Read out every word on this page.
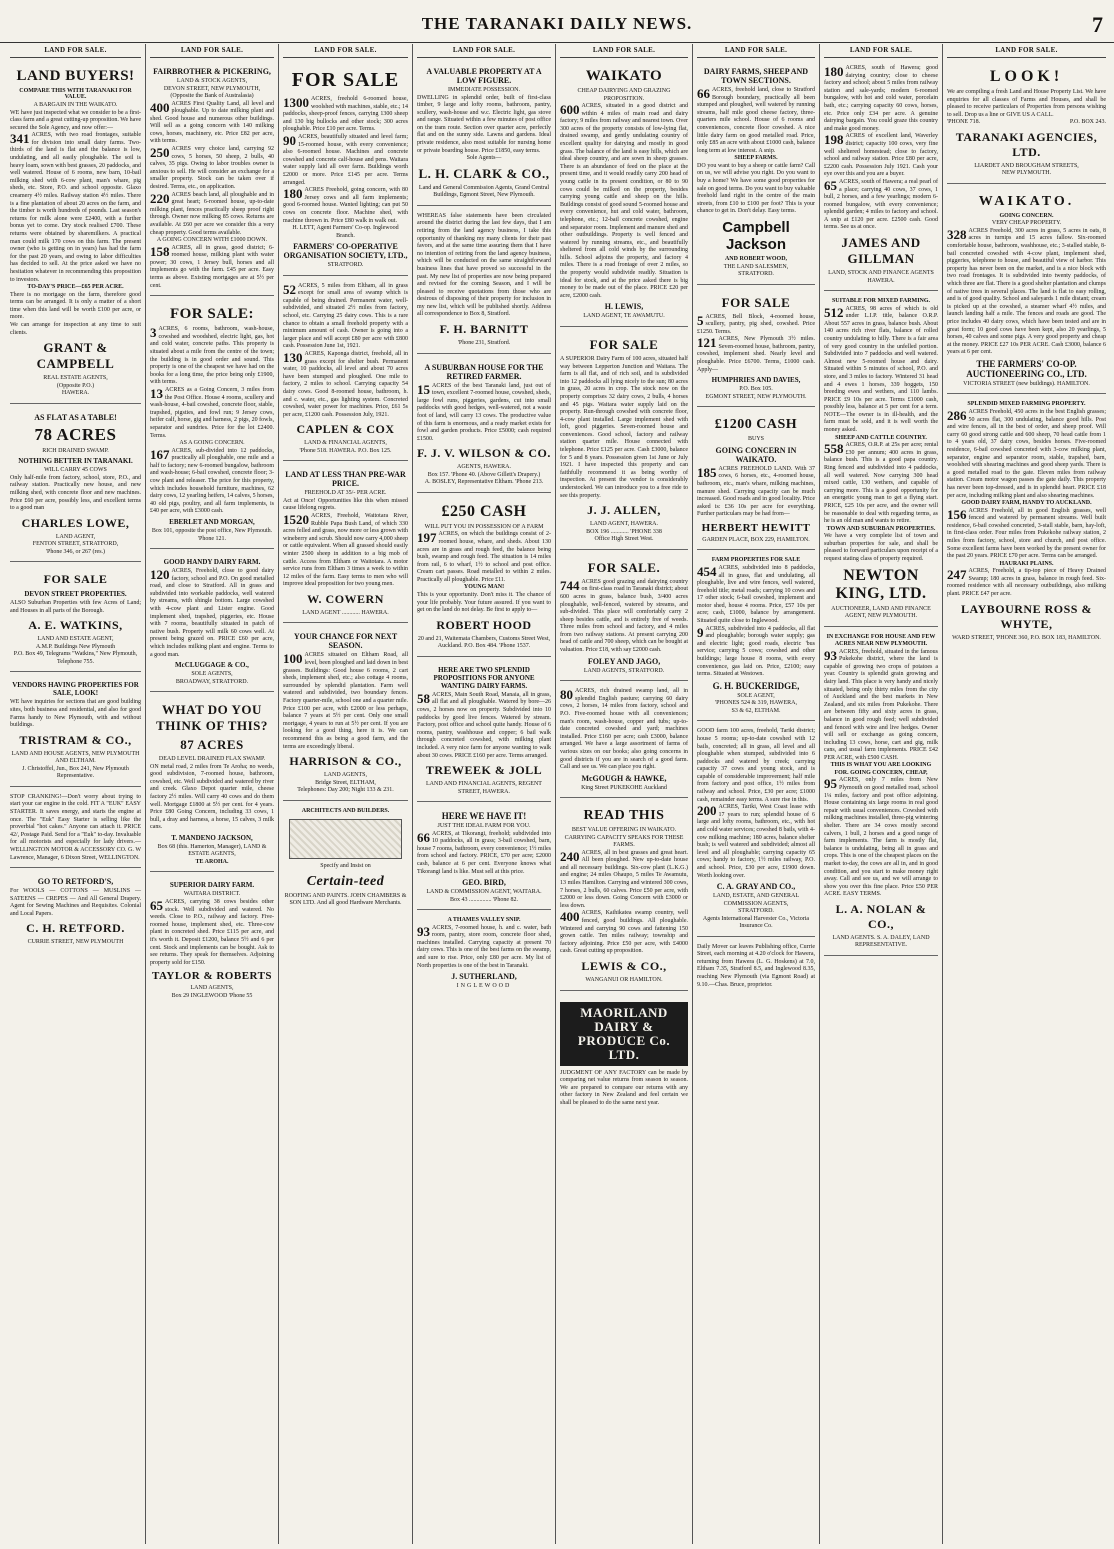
THE TARANAKI DAILY NEWS.	7
LAND FOR SALE.
LAND BUYERS!
COMPARE THIS WITH TARANAKI FOR VALUE.
A BARGAIN IN THE WAIKATO.
WE have just inspected what we consider to be a first-class farm and a great cutting-up proposition. We have secured the Sole Agency, and now offer:—
341 ACRES, with two road frontages, suitable for division into small dairy farms. Two-thirds of the land is flat and the balance is low, undulating, and all easily ploughable. The soil is heavy loam, sown with best grasses, 20 paddocks, and well watered. House of 6 rooms, new barn, 10-bail milking shed with 6-cow plant, man's whare, pig sheds, etc. Store, P.O. and school opposite. Glaxo creamery 4½ miles. Railway station 4½ miles. There is a fine plantation of about 20 acres on the farm, and the timber is worth hundreds of pounds. Last season's returns for milk alone were £2400, with a further bonus yet to come. Dry stock realised £700. These returns were obtained by sharemilkers. A practical man could milk 170 cows on this farm. The present owner (who is getting on in years) has had the farm for the past 20 years, and owing to labor difficulties has decided to sell. At the price asked we have no hesitation whatever in recommending this proposition to investors.
TO-DAY'S PRICE—£65 PER ACRE.
There is no mortgage on the farm, therefore good terms can be arranged. It is only a matter of a short time when this land will be worth £100 per acre, or more.
We can arrange for inspection at any time to suit clients.
GRANT & CAMPBELL
REAL ESTATE AGENTS,
(Opposite P.O.)
HAWERA.
AS FLAT AS A TABLE!
78 ACRES
RICH DRAINED SWAMP.
NOTHING BETTER IN TARANAKI.
WILL CARRY 45 COWS
Only half-mile from factory, school, store, P.O., and railway station. Practically new house, and new milking shed, with concrete floor and new machines. Price £60 per acre, possibly less, and excellent terms to a good man
CHARLES LOWE,
LAND AGENT,
FENTON STREET, STRATFORD,
'Phone 346, or 267 (res.)
FOR SALE
DEVON STREET PROPERTIES.
ALSO Suburban Properties with few Acres of Land; and Houses in all parts of the Borough.
A. E. WATKINS,
LAND AND ESTATE AGENT,
A.M.P. Buildings New Plymouth
P.O. Box 49, Telegrams "Watkins," New Plymouth, Telephone 755.
VENDORS HAVING PROPERTIES FOR SALE, LOOK!
WE have inquiries for sections that are good building sites, both business and residential, and also for good Farms handy to New Plymouth, with and without buildings.
TRISTRAM & CO.,
LAND AND HOUSE AGENTS, NEW PLYMOUTH AND ELTHAM.
J. Christoffel, Jun., Box 241, New Plymouth Representative.
STOP CRANKING!—Don't worry about trying to start your car engine in the cold. FIT A "EUK" EASY STARTER. It saves energy, and starts the engine at once. The "Euk" Easy Starter is selling like the proverbial "hot cakes." Anyone can attach it. PRICE 42/, Postage Paid. Send for a "Euk" to-day. Invaluable for all motorists and especially for lady drivers.—WELLINGTON MOTOR & ACCESSORY CO. G. W Lawrence, Manager, 6 Dixon Street, WELLINGTON.
GO TO RETFORD'S,
For WOOLS — COTTONS — MUSLINS — SATEENS — CREPES — And All General Drapery. Agent for Sewing Machines and Requisites. Colonial and Local Papers.
C. H. RETFORD.
CURRIE STREET, NEW PLYMOUTH
LAND FOR SALE.
FAIRBROTHER & PICKERING,
LAND & STOCK AGENTS,
DEVON STREET, NEW PLYMOUTH,
(Opposite the Bank of Australasia)
400 ACRES First Quality Land, all level and ploughable. Up to date milking plant and shed. Good house and numerous other buildings. Will sell as a going concern with 140 milking cows, horses, machinery, etc. Price £82 per acre, with terms.
250 ACRES very choice land, carrying 92 cows, 5 horses, 50 sheep, 2 bulls, 40 calves, 35 pigs. Owing to labor troubles owner is anxious to sell. He will consider an exchange for a smaller property. Stock can be taken over if desired. Terms, etc., on application.
220 ACRES beach land, all ploughable and in great heart; 6-roomed house, up-to-date milking plant, fences practically sheep proof right through. Owner now milking 85 cows. Returns are available. At £60 per acre we consider this a very cheap property. Good terms available.
A GOING CONCERN WITH £1000 DOWN.
158 ACRES, all in grass, good district; 6-roomed house, milking plant with water power; 30 cows, 1 Jersey bull, horses and all implements go with the farm. £45 per acre. Easy terms as above. Existing mortgages are at 5½ per cent.
FOR SALE:
3 ACRES, 6 rooms, bathroom, wash-house, cowshed and woodshed, electric light, gas, hot and cold water, concrete paths. This property is situated about a mile from the centre of the town; the building is in good order and sound. This property is one of the cheapest we have had on the books for a long time, the price being only £1900, with terms.
13 ACRES as a Going Concern, 3 miles from the Post Office. House 4 rooms, scullery and wash-house, 4-bail cowshed, concrete floor, stable, trapshed, pigsties, and fowl run; 9 Jersey cows, heifer calf, horse, gig and harness, 2 pigs, 20 fowls, separator and sundries. Price for the lot £2400. Terms.
AS A GOING CONCERN.
167 ACRES, sub-divided into 12 paddocks, practically all ploughable, one mile and a half to factory; new 6-roomed bungalow, bathroom and wash-house; 6-bail cowshed, concrete floor; 3-cow plant and releaser. The price for this property, which includes household furniture, machines, 62 dairy cows, 12 yearling heifers, 14 calves, 5 horses, 40 old pigs, poultry, and all farm implements, is £40 per acre, with £3000 cash.
EBERLET AND MORGAN,
Box 101, opposite the post office, New Plymouth. 'Phone 121.
GOOD HANDY DAIRY FARM.
120 ACRES, Freehold, close to good dairy factory, school and P.O. On good metalled road, and close to Stratford. All in grass and subdivided into workable paddocks, well watered by streams, with shingle bottom. Large cowshed with 4-cow plant and Lister engine. Good implement shed, trapshed, piggeries, etc. House with 7 rooms, beautifully situated in patch of native bush. Property will milk 60 cows well. At present being grazed on. PRICE £60 per acre, which includes milking plant and engine. Terms to a good man.
McCLUGGAGE & CO.,
SOLE AGENTS,
BROADWAY, STRATFORD.
WHAT DO YOU THINK OF THIS?
87 ACRES
DEAD LEVEL DRAINED FLAX SWAMP.
ON metal road, 2 miles from Te Aroha; no weeds, good subdivision, 7-roomed house, bathroom, cowshed, etc. Well subdivided and watered by river and creek. Glaxo Depot quarter mile, cheese factory 2½ miles. Will carry 40 cows and do them well. Mortgage £1800 at 5½ per cent. for 4 years. Price £80 Going Concern, including 33 cows, 1 bull, a dray and harness, a horse, 15 calves, 3 milk cans.
T. MANDENO JACKSON,
Box 68 (this. Hamerton, Manager), LAND & ESTATE AGENTS,
TE AROHA.
SUPERIOR DAIRY FARM.
WAITARA DISTRICT.
65 ACRES, carrying 38 cows besides other stock. Well subdivided and watered. No weeds. Close to P.O., railway and factory. Five-roomed house, implement shed, etc. Three-cow plant in concreted shed. Price £115 per acre, and it's worth it. Deposit £1200, balance 5½ and 6 per cent. Stock and implements can be bought. Ask to see returns. They speak for themselves. Adjoining property sold for £150.
TAYLOR & ROBERTS
LAND AGENTS,
Box 29 INGLEWOOD 'Phone 55
LAND FOR SALE.
FOR SALE
1300 ACRES, freehold 6-roomed house, woolshed with machines, stable, etc.; 14 paddocks, sheep-proof fences, carrying 1300 sheep and 130 big bullocks and other stock; 300 acres ploughable. Price £10 per acre. Terms.
90 ACRES, beautifully situated and level farm; 15-roomed house, with every convenience; also 6-roomed house. Machines and concrete cowshed and concrete calf-house and pens. Waitara water supply laid all over farm. Buildings worth £2000 or more. Price £145 per acre. Terms arranged.
180 ACRES Freehold, going concern, with 80 Jersey cows and all farm implements; good 6-roomed house. Wanted lighting; can put 50 cows on concrete floor. Machine shed, with machine thrown in. Price £80 walk in walk out.
H. LETT, Agent Farmers' Co-op. Inglewood Branch.
FARMERS' CO-OPERATIVE ORGANISATION SOCIETY, LTD.,
STRATFORD.
52 ACRES, 5 miles from Eltham, all in grass except for small area of swamp which is capable of being drained. Permanent water, well-subdivided, and situated 2½ miles from factory, school, etc. Carrying 25 dairy cows. This is a rare chance to obtain a small freehold property with a minimum amount of cash. Owner is going into a larger place and will accept £80 per acre with £800 cash. Possession June 1st, 1921.
130 ACRES, Kaponga district, freehold, all in grass except for shelter bush. Permanent water, 10 paddocks, all level and about 70 acres have been stumped and ploughed. One mile to factory, 2 miles to school. Carrying capacity 54 dairy cows. Good 8-roomed house, bathroom, h. and c. water, etc., gas lighting system. Concreted cowshed, water power for machines. Price, £61 5s per acre, £1200 cash. Possession July, 1921.
CAPLEN & COX
LAND & FINANCIAL AGENTS,
'Phone 518. HAWERA. P.O. Box 125.
LAND AT LESS THAN PRE-WAR PRICE.
FREEHOLD AT 35/- PER ACRE.
Act at Once! Opportunities like this when missed cause lifelong regrets.
1520 ACRES, Freehold, Waitotara River, Rubble Papa Bush Land, of which 330 acres felled and grass, now more or less grown with wineberry and scrub. Should now carry 4,000 sheep or cattle equivalent. When all grassed should easily winter 2500 sheep in addition to a big mob of cattle. Access from Eltham or Waitotara. A motor service runs from Eltham 3 times a week to within 12 miles of the farm. Easy terms to men who will improve ideal proposition for two young men.
W. COWERN
LAND AGENT ............ HAWERA.
YOUR CHANCE FOR NEXT SEASON.
100 ACRES situated on Eltham Road, all level, been ploughed and laid down in best grasses. Buildings: Good house 6 rooms, 2 cart sheds, implement shed, etc.; also cottage 4 rooms, surrounded by splendid plantation. Farm well watered and subdivided, two boundary fences. Factory quarter-mile, school one and a quarter mile. Price £100 per acre, with £2000 or less perhaps, balance 7 years at 5½ per cent. Only one small mortgage, 4 years to run at 5½ per cent. If you are looking for a good thing, here it is. We can recommend this as being a good farm, and the terms are exceedingly liberal.
HARRISON & CO.,
LAND AGENTS,
Bridge Street, ELTHAM,
Telephones: Day 200; Night 133 & 231.
ARCHITECTS AND BUILDERS.
Specify and Insist on
Certain-teed
ROOFING AND PAINTS. JOHN CHAMBERS & SON LTD. And all good Hardware Merchants.
LAND FOR SALE.
A VALUABLE PROPERTY AT A LOW FIGURE.
IMMEDIATE POSSESSION.
DWELLING in splendid order, built of first-class timber, 9 large and lofty rooms, bathroom, pantry, scullery, wash-house and w.c. Electric light, gas stove and range. Situated within a few minutes of post office on the tram route. Section over quarter acre, perfectly flat and on the sunny side. Lawns and gardens. Ideal private residence, also most suitable for nursing home or private boarding house. Price £1850, easy terms.
Sole Agents—
L. H. CLARK & CO.,
Land and General Commission Agents, Grand Central Buildings, Egmont Street, New Plymouth.
WHEREAS false statements have been circulated around the district during the last few days, that I am retiring from the land agency business, I take this opportunity of thanking my many clients for their past favors, and at the same time assuring them that I have no intention of retiring from the land agency business, which will be conducted on the same straightforward business lines that have proved so successful in the past. My new list of properties are now being prepared and revised for the coming Season, and I will be pleased to receive quotations from those who are desirous of disposing of their property for inclusion in my new list, which will be published shortly. Address all correspondence to Box 8, Stratford.
F. H. BARNITT
'Phone 231, Stratford.
A SUBURBAN HOUSE FOR THE RETIRED FARMER.
15 ACRES of the best Taranaki land, just out of town, excellent 7-roomed house, cowshed, sheds, large fowl runs, piggeries, gardens, cut into small paddocks with good hedges, well-watered, not a waste foot of land, will carry 13 cows. The productive value of this farm is enormous, and a ready market exists for fowl and garden products. Price £5000; cash required £1500.
F. J. V. WILSON & CO.
AGENTS, HAWERA.
Box 157. 'Phone 40. (Above Gillett's Drapery.)
A. BOSLEY, Representative Eltham. 'Phone 213.
£250 CASH
WILL PUT YOU IN POSSESSION OF A FARM
197 ACRES, on which the buildings consist of 2-roomed house, whare, and sheds. About 130 acres are in grass and rough feed, the balance being bush, swamp and rough feed. The situation is 14 miles from rail, 6 to wharf, 1½ to school and post office. Cream cart passes. Road metalled to within 2 miles. Practically all ploughable. Price £11.
YOUNG MAN!
This is your opportunity. Don't miss it. The chance of your life probably. Your future assured. If you want to get on the land do not delay. Be first to apply to—
ROBERT HOOD
20 and 21, Waitemata Chambers, Customs Street West, Auckland. P.O. Box 484. 'Phone 1537.
HERE ARE TWO SPLENDID PROPOSITIONS FOR ANYONE WANTING DAIRY FARMS.
58 ACRES, Main South Road, Manaia, all in grass, all flat and all ploughable. Watered by bore—26 cows, 2 horses now on property. Subdivided into 10 paddocks by good live fences. Watered by stream. Factory, post office and school quite handy. House of 6 rooms, pantry, washhouse and copper; 6 bail walk through concreted cowshed, with milking plant included. A very nice farm for anyone wanting to walk about 30 cows. PRICE £160 per acre. Terms arranged.
TREWEEK & JOLL
LAND AND FINANCIAL AGENTS, REGENT STREET, HAWERA.
HERE WE HAVE IT!
JUST THE IDEAL FARM FOR YOU.
66 ACRES, at Tikorangi, freehold; subdivided into 10 paddocks, all in grass; 3-bail cowshed, barn, house 7 rooms, bathroom, every convenience; 1½ miles from school and factory. PRICE, £70 per acre; £2000 cash, balance at 6 per cent. Everyone knows what Tikorangi land is like. Must sell at this price.
GEO. BIRD,
LAND & COMMISSION AGENT, WAITARA.
Box 43 ............... 'Phone 82.
A THAMES VALLEY SNIP.
93 ACRES, 7-roomed house, h. and c. water, bath room, pantry, store room, concrete floor shed, machines installed. Carrying capacity at present 70 dairy cows. This is one of the best farms on the swamp, and sure to rise. Price, only £80 per acre. My list of North properties is one of the best in Taranaki.
J. SUTHERLAND,
INGLEWOOD
LAND FOR SALE.
WAIKATO
CHEAP DAIRYING AND GRAZING PROPOSITION.
600 ACRES, situated in a good district and within 4 miles of main road and dairy factory; 9 miles from railway and nearest town. Over 300 acres of the property consists of low-lying flat, drained swamp, and gently undulating country of excellent quality for dairying and mostly in good grass. The balance of the land is easy hills, which are ideal sheep country, and are sown in sheep grasses. There is an abundance of feed on the place at the present time, and it would readily carry 200 head of young cattle in its present condition, or 80 to 90 cows could be milked on the property, besides carrying young cattle and sheep on the hills. Buildings consist of good sound 5-roomed house and every convenience, hut and cold water, bathroom, telephone, etc.; 12-bail concrete cowshed, engine and separator room. Implement and manure shed and other outbuildings. Property is well fenced and watered by running streams, etc., and beautifully sheltered from all cold winds by the surrounding hills. School adjoins the property, and factory 4 miles. There is a road frontage of over 2 miles, so the property would subdivide readily. Situation is ideal for stock, and at the price asked there is big money to be made out of the place. PRICE £20 per acre, £2000 cash.
H. LEWIS,
LAND AGENT, TE AWAMUTU.
FOR SALE
A SUPERIOR Dairy Farm of 100 acres, situated half way between Lepperton Junction and Waitara. The farm is all flat, and of rich soil, and is subdivided into 12 paddocks all lying nicely to the sun; 80 acres in grass, 20 acres in crop. The stock now on the property comprises 32 dairy cows, 2 bulls, 4 horses and 45 pigs. Waitara water supply laid on the property. Run-through cowshed with concrete floor, 4-cow plant installed. Large implement shed with loft, good piggeries. Seven-roomed house and conveniences. Good school, factory and railway station quarter mile. House connected with telephone. Price £125 per acre. Cash £3000, balance for 5 and 8 years. Possession given 1st June or July 1921. I have inspected this property and can faithfully recommend it as being worthy of inspection. At present the vendor is considerably understocked. We can introduce you to a free ride to see this property.
J. J. ALLEN,
LAND AGENT, HAWERA.
BOX 196 ............ 'PHONE 338
Office High Street West.
FOR SALE.
744 ACRES good grazing and dairying country on first-class road in Taranaki district; about 600 acres in grass, balance bush, 3/400 acres ploughable, well-fenced, watered by streams, and sub-divided. This place will comfortably carry 2 sheep besides cattle, and is entirely free of weeds. Three miles from school and factory, and 4 miles from two railway stations. At present carrying 200 head of cattle and 700 sheep, which can be bought at valuation. Price £18, with say £2000 cash.
FOLEY AND JAGO,
LAND AGENTS, STRATFORD.
80 ACRES, rich drained swamp land, all in splendid English pasture; carrying 60 dairy cows, 2 horses, 14 miles from factory, school and P.O. Five-roomed house with all conveniences; man's room, wash-house, copper and tubs; up-to-date concreted cowshed and yard; machines installed. Price £160 per acre; cash £3000, balance arranged. We have a large assortment of farms of various sizes on our books; also going concerns in good districts if you are in search of a good farm. Call and see us. We can place you right.
McGOUGH & HAWKE,
King Street PUKEKOHE Auckland
READ THIS
BEST VALUE OFFERING IN WAIKATO.
CARRYING CAPACITY SPEAKS FOR THESE FARMS.
240 ACRES, all in best grasses and great heart. All been ploughed. New up-to-date house and all necessary buildings. Six-cow plant (L.K.G.) and engine; 24 miles Ohaupo, 5 miles Te Awamutu, 13 miles Hamilton. Carrying and wintered 300 cows, 7 horses, 2 bulls, 60 calves. Price £50 per acre, with £2000 or less down. Going Concern with £3000 or less down.
400 ACRES, Kaihikatea swamp country, well fenced, good buildings. All ploughable. Wintered and carrying 90 cows and fattening 150 grown cattle. Ten miles railway; township and factory adjoining. Price £50 per acre, with £4000 cash. Great cutting up proposition.
LEWIS & CO.,
WANGANUI OR HAMILTON.
MAORILAND DAIRY & PRODUCE Co. LTD.
JUDGMENT OF ANY FACTORY can be made by comparing net value returns from season to season. We are prepared to compare our returns with any other factory in New Zealand and feel certain we shall be pleased to do the same next year.
LAND FOR SALE.
DAIRY FARMS, SHEEP AND TOWN SECTIONS.
66 ACRES, freehold land, close to Stratford Borough boundary, practically all been stumped and ploughed, well watered by running streams, half mile good cheese factory, three-quarters mile school. House of 6 rooms and conveniences, concrete floor cowshed. A nice little dairy farm on good metalled road. Price, only £85 an acre with about £1000 cash, balance long term at low interest. A snip.
SHEEP FARMS.
DO you want to buy a sheep or cattle farm? Call on us, we will advise you right. Do you want to buy a home? We have some good properties for sale on good terms. Do you want to buy valuable freehold land right in the centre of the main streets, from £10 to £100 per foot? This is your chance to get in. Don't delay. Easy terms.
Campbell Jackson
AND ROBERT WOOD,
THE LAND SALESMEN,
STRATFORD.
FOR SALE
5 ACRES, Bell Block, 4-roomed house, scullery, pantry, pig shed, cowshed. Price £1250. Terms.
121 ACRES, New Plymouth 3½ miles. Seven-roomed house, bathroom, pantry, cowshed, implement shed. Nearly level and ploughable. Price £6700. Terms, £1000 cash. Apply—
HUMPHRIES AND DAVIES,
P.O. Box 105.
EGMONT STREET, NEW PLYMOUTH.
£1200 CASH
BUYS
GOING CONCERN IN WAIKATO.
185 ACRES FREEHOLD LAND. With 37 cows, 6 horses, etc., 4-roomed house, bathroom, etc., man's whare, milking machines, manure shed. Carrying capacity can be much increased. Good roads and in good locality. Price asked is: £36 10s per acre for everything. Further particulars may be had from—
HERBERT HEWITT
GARDEN PLACE, BOX 229, HAMILTON.
FARM PROPERTIES FOR SALE
454 ACRES, subdivided into 8 paddocks, all in grass, flat and undulating, all ploughable, live and wire fences, well watered, freehold title; metal roads; carrying 10 cows and 17 other stock; 6-bail cowshed, implement and motor shed, house 4 rooms. Price, £57 10s per acre; cash, £1000, balance by arrangement. Situated quite close to Inglewood.
9 ACRES, subdivided into 4 paddocks, all flat and ploughable; borough water supply; gas and electric light; good roads, electric 'bus service; carrying 5 cows; cowshed and other buildings; large house 8 rooms, with every convenience, gas laid on. Price, £2100; easy terms. Situated at Westown.
G. H. BUCKERIDGE,
SOLE AGENT,
'PHONES 524 & 319, HAWERA,
S3 & 62, ELTHAM.
GOOD farm 100 acres, freehold, Tariki district; house 5 rooms; up-to-date cowshed with 12 bails, concreted; all in grass, all level and all ploughable when stumped, subdivided into 6 paddocks and watered by creek; carrying capacity 37 cows and young stock, and is capable of considerable improvement; half mile from factory and post office, 1½ miles from railway and school. Price, £30 per acre; £1000 cash, remainder easy terms. A sure rise in this.
200 ACRES, Tariki, West Coast lease with 17 years to run; splendid house of 6 large and lofty rooms, bathroom, etc., with hot and cold water services; cowshed 8 bails, with 4-cow milking machine; 180 acres, balance shelter bush; is well watered and subdivided; almost all level and all ploughable; carrying capacity 65 cows; handy to factory, 1½ miles railway, P.O. and school. Price, £30 per acre, £1900 down. Worth looking over.
C. A. GRAY AND CO.,
LAND, ESTATE, AND GENERAL COMMISSION AGENTS,
STRATFORD.
Agents International Harvester Co., Victoria Insurance Co.
Daily Mover car leaves Publishing office, Currie Street, each morning at 4.20 o'clock for Hawera, returning from Hawera (L. G. Hoskens) at 7.0, Eltham 7.35, Stratford 8.5, and Inglewood 8.35, reaching New Plymouth (via Egmont Road) at 9.10.—Chas. Bruce, proprietor.
LAND FOR SALE.
180 ACRES, south of Hawera; good dairying country; close to cheese factory and school; about 5 miles from railway station and sale-yards; modern 6-roomed bungalow, with hot and cold water, porcelain bath, etc.; carrying capacity 60 cows, horses, etc. Price only £34 per acre. A genuine dairying bargain. You could graze this country and make good money.
198 ACRES of excellent land, Waverley district; capacity 100 cows, very fine well sheltered homestead; close to factory, school and railway station. Price £80 per acre, £2200 cash. Possession July 1921. Cash your eye over this and you are a buyer.
65 ACRES, south of Hawera; a real pearl of a place; carrying 40 cows, 37 cows, 1 bull, 2 horses, and a few yearlings; modern 6-roomed bungalow, with every convenience; splendid garden; 4 miles to factory and school. A snip at £120 per acre. £2500 cash. Good terms. See us at once.
JAMES AND GILLMAN
LAND, STOCK AND FINANCE AGENTS HAWERA.
SUITABLE FOR MIXED FARMING.
512 ACRES, 98 acres of which is old under L.I.P. title, balance O.R.P. About 557 acres in grass, balance bush. About 140 acres rich river flats, balance of rolled country undulating to hilly. There is a fair area of very good country in the unfelled portion. Subdivided into 7 paddocks and well watered. Almost new 5-roomed house and dairy. Situated within 5 minutes of school, P.O. and store, and 3 miles to factory. Wintered 31 head and 4 ewes 1 horses, 339 hoggets, 150 breeding ewes and wethers, and 110 lambs. PRICE £9 10s per acre. Terms £1000 cash, possibly less, balance at 5 per cent for a term. NOTE—The owner is in ill-health, and the farm must be sold, and it is well worth the money asked.
SHEEP AND CATTLE COUNTRY.
558 ACRES, O.R.P. at 25s per acre; rental £30 per annum; 400 acres in grass, balance bush. This is a good papa country. Ring fenced and subdivided into 4 paddocks, all well watered. Now carrying 300 head mixed cattle, 130 wethers, and capable of carrying more. This is a good opportunity for an energetic young man to get a flying start. PRICE, £25 10s per acre, and the owner will be reasonable to deal with regarding terms, as he is an old man and wants to retire.
TOWN AND SUBURBAN PROPERTIES.
We have a very complete list of town and suburban properties for sale, and shall be pleased to forward particulars upon receipt of a request stating class of property required.
NEWTON KING, LTD.
AUCTIONEER, LAND AND FINANCE AGENT, NEW PLYMOUTH.
IN EXCHANGE FOR HOUSE AND FEW ACRES NEAR NEW PLYMOUTH.
93 ACRES, freehold, situated in the famous Pukekohe district, where the land is capable of growing two crops of potatoes a year. Country is splendid grain growing and dairy land. This place is very handy and nicely situated, being only thirty miles from the city of Auckland and the best markets in New Zealand, and six miles from Pukekohe. There are between fifty and sixty acres in grass, balance in good rough feed; well subdivided and fenced with wire and live hedges. Owner will sell or exchange as going concern, including 13 cows, horse, cart and gig, milk cans, and usual farm implements. PRICE £42 PER ACRE, with £500 CASH.
THIS IS WHAT YOU ARE LOOKING FOR. GOING CONCERN, CHEAP,
95 ACRES, only 7 miles from New Plymouth on good metalled road, school 1¼ miles, factory and post office adjoining. House containing six large rooms in real good repair with usual conveniences. Cowshed with milking machines installed, three-pig wintering shelter. There are 34 cows mostly second calvers, 1 bull, 2 horses and a good range of farm implements. The farm is mostly flat, balance is undulating, being all in grass and crops. This is one of the cheapest places on the market to-day, the cows are all in, and in good condition, and you start to make money right away. Call and see us, and we will arrange to show you over this fine place. Price £50 PER ACRE. EASY TERMS.
L. A. NOLAN & CO.,
LAND AGENTS. S. A. DALEY, LAND REPRESENTATIVE.
LAND FOR SALE.
LOOK!
We are compiling a fresh Land and House Property List. We have enquiries for all classes of Farms and Houses, and shall be pleased to receive particulars of Properties from persons wishing to sell. Drop us a line or GIVE US A CALL.
'PHONE 718.	P.O. BOX 243.
TARANAKI AGENCIES, LTD.
LIARDET AND BROUGHAM STREETS,
NEW PLYMOUTH.
WAIKATO.
GOING CONCERN.
VERY CHEAP PROPERTY.
328 ACRES Freehold, 300 acres in grass, 5 acres in oats, 8 acres in turnips and 15 acres fallow. Six-roomed comfortable house, bathroom, washhouse, etc.; 3-stalled stable, 8-bail concreted cowshed with 4-cow plant, implement shed, piggeries, telephone to house, and beautiful view of harbor. This property has never been on the market, and is a nice block with two road frontages. It is subdivided into twenty paddocks, of which three are flat. There is a good shelter plantation and clumps of native trees in several places. The land is flat to easy rolling, and is of good quality. School and saleyards 1 mile distant; cream is picked up at the cowshed, a steamer wharf 4½ miles, and launch landing half a mile. The fences and roads are good. The price includes 40 dairy cows, which have been tested and are in great form; 10 good cows have been kept, also 20 yearlings, 5 horses, 40 calves and some pigs. A very good property and cheap at the money. PRICE £27 10s PER ACRE. Cash £3000, balance 6 years at 6 per cent.
THE FARMERS' CO-OP. AUCTIONEERING CO., LTD.
VICTORIA STREET (new buildings). HAMILTON.
SPLENDID MIXED FARMING PROPERTY.
286 ACRES Freehold, 450 acres in the best English grasses; 50 acres flat, 300 undulating, balance good hills. Post and wire fences, all in the best of order, and sheep proof. Will carry 60 good strong cattle and 600 sheep, 70 head cattle from 1 to 4 years old, 37 dairy cows, besides horses. Five-roomed residence, 6-bail cowshed concreted with 3-cow milking plant, separator, engine and separator room, stable, trapshed, barn, woolshed with shearing machines and good sheep yards. There is a good metalled road to the gate. Eleven miles from railway station. Cream motor wagon passes the gate daily. This property has never been top-dressed, and is in splendid heart. PRICE £18 per acre, including milking plant and also shearing machines.
GOOD DAIRY FARM, HANDY TO AUCKLAND.
156 ACRES Freehold, all in good English grasses, well fenced and watered by permanent streams. Well built residence, 6-bail cowshed concreted, 3-stall stable, barn, hay-loft, in first-class order. Four miles from Pukekohe railway station, 2 miles from factory, school, store and church, and post office. Some excellent farms have been worked by the present owner for the past 20 years. PRICE £70 per acre. Terms can be arranged.
HAURAKI PLAINS.
247 ACRES, Freehold, a tip-top piece of Heavy Drained Swamp; 180 acres in grass, balance in rough feed. Six-roomed residence with all necessary outbuildings, also milking plant. PRICE £47 per acre.
LAYBOURNE ROSS & WHYTE,
WARD STREET, 'PHONE 360, P.O. BOX 183, HAMILTON.
